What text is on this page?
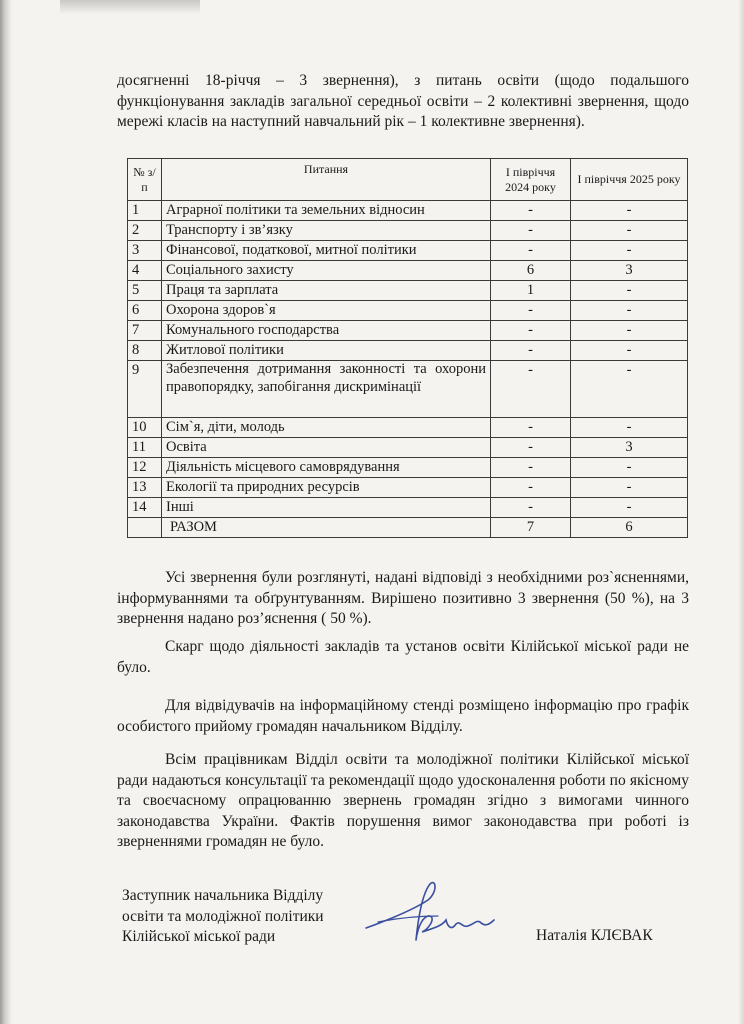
досягненні 18-річчя – 3 звернення), з питань освіти (щодо подальшого функціонування закладів загальної середньої освіти – 2 колективні звернення, щодо мережі класів на наступний навчальний рік – 1 колективне звернення).

№ з/п	Питання	І півріччя 2024 року	І півріччя 2025 року
1	Аграрної політики та земельних відносин	-	-
2	Транспорту і зв’язку	-	-
3	Фінансової, податкової, митної політики	-	-
4	Соціального захисту	6	3
5	Праця та зарплата	1	-
6	Охорона здоров`я	-	-
7	Комунального господарства	-	-
8	Житлової політики	-	-
9	Забезпечення дотримання законності та охорони правопорядку, запобігання дискримінації	-	-
10	Сім`я, діти, молодь	-	-
11	Освіта	-	3
12	Діяльність місцевого самоврядування	-	-
13	Екології та природних ресурсів	-	-
14	Інші	-	-
	РАЗОМ	7	6

Усі звернення були розглянуті, надані відповіді з необхідними роз`ясненнями, інформуваннями та обґрунтуванням. Вирішено позитивно 3 звернення (50 %), на 3 звернення надано роз’яснення ( 50 %).

Скарг щодо діяльності закладів та установ освіти Кілійської міської ради не було.

Для відвідувачів на інформаційному стенді розміщено інформацію про графік особистого прийому громадян начальником Відділу.

Всім працівникам Відділ освіти та молодіжної політики Кілійської міської ради надаються консультації та рекомендації щодо удосконалення роботи по якісному та своєчасному опрацюванню звернень громадян згідно з вимогами чинного законодавства України. Фактів порушення вимог законодавства при роботі із зверненнями громадян не було.

Заступник начальника Відділу
освіти та молодіжної політики
Кілійської міської ради	Наталія КЛЄВАК
